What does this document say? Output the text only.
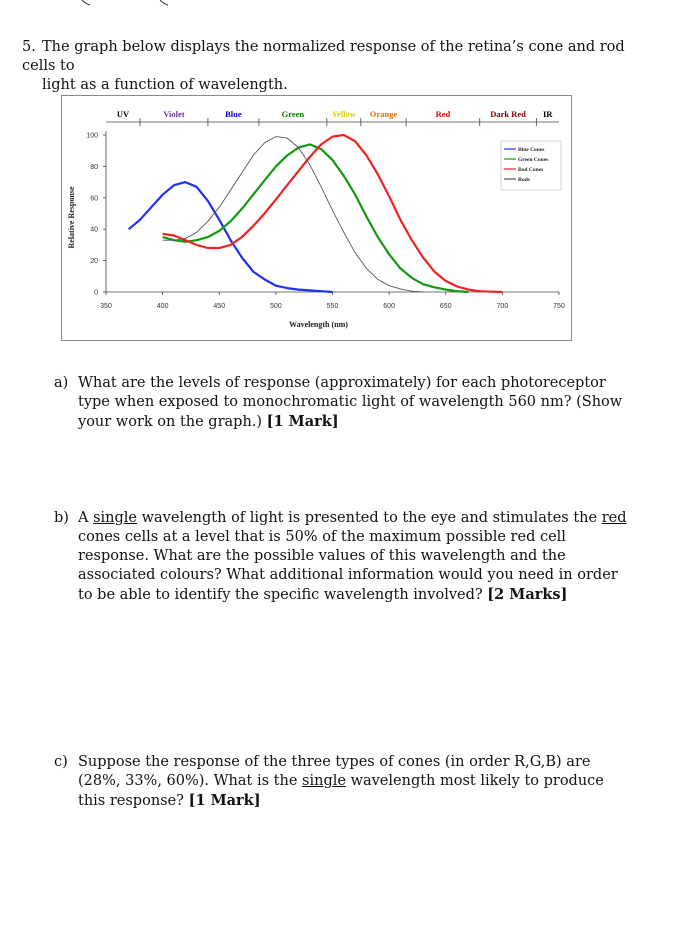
5. The graph below displays the normalized response of the retina’s cone and rod cells to
light as a function of wavelength.
UV	Violet	Blue	Green	Yellow Orange	Red	Dark Red IR
0
20
40
60
80
100
350	400	450	500	550	600	650	700	750
Wavelength (nm)
Relative Response
Blue Cones
Green Cones
Red Cones
Rods
a) What are the levels of response (approximately) for each photoreceptor type when exposed to monochromatic light of wavelength 560 nm? (Show your work on the graph.) [1 Mark]
b) A single wavelength of light is presented to the eye and stimulates the red cones cells at a level that is 50% of the maximum possible red cell response. What are the possible values of this wavelength and the associated colours? What additional information would you need in order to be able to identify the specific wavelength involved? [2 Marks]
c) Suppose the response of the three types of cones (in order R,G,B) are (28%, 33%, 60%). What is the single wavelength most likely to produce this response? [1 Mark]
